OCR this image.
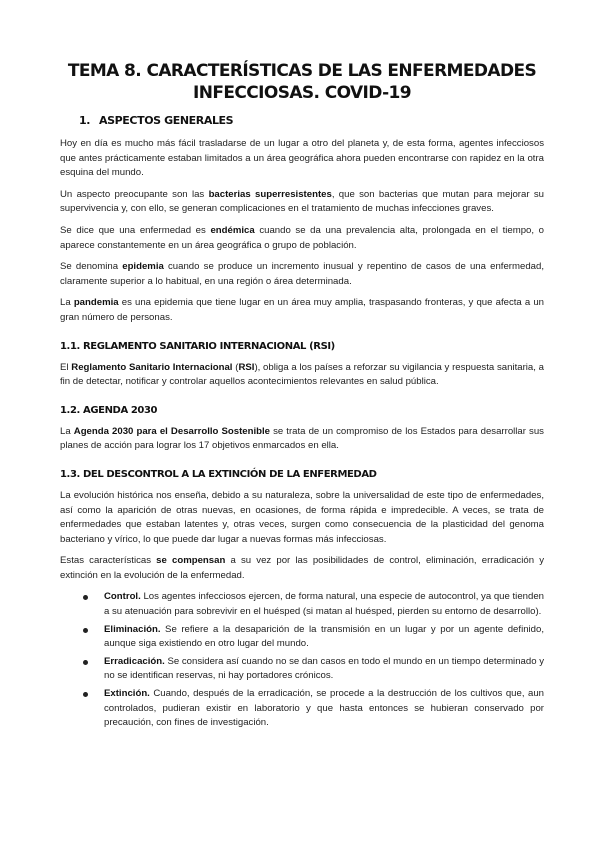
TEMA 8. CARACTERÍSTICAS DE LAS ENFERMEDADES INFECCIOSAS. COVID-19
1. ASPECTOS GENERALES

Hoy en día es mucho más fácil trasladarse de un lugar a otro del planeta y, de esta forma, agentes infecciosos que antes prácticamente estaban limitados a un área geográfica ahora pueden encontrarse con rapidez en la otra esquina del mundo.

Un aspecto preocupante son las bacterias superresistentes, que son bacterias que mutan para mejorar su supervivencia y, con ello, se generan complicaciones en el tratamiento de muchas infecciones graves.

Se dice que una enfermedad es endémica cuando se da una prevalencia alta, prolongada en el tiempo, o aparece constantemente en un área geográfica o grupo de población.

Se denomina epidemia cuando se produce un incremento inusual y repentino de casos de una enfermedad, claramente superior a lo habitual, en una región o área determinada.

La pandemia es una epidemia que tiene lugar en un área muy amplia, traspasando fronteras, y que afecta a un gran número de personas.

1.1. REGLAMENTO SANITARIO INTERNACIONAL (RSI)

El Reglamento Sanitario Internacional (RSI), obliga a los países a reforzar su vigilancia y respuesta sanitaria, a fin de detectar, notificar y controlar aquellos acontecimientos relevantes en salud pública.

1.2. AGENDA 2030

La Agenda 2030 para el Desarrollo Sostenible se trata de un compromiso de los Estados para desarrollar sus planes de acción para lograr los 17 objetivos enmarcados en ella.

1.3. DEL DESCONTROL A LA EXTINCIÓN DE LA ENFERMEDAD

La evolución histórica nos enseña, debido a su naturaleza, sobre la universalidad de este tipo de enfermedades, así como la aparición de otras nuevas, en ocasiones, de forma rápida e impredecible. A veces, se trata de enfermedades que estaban latentes y, otras veces, surgen como consecuencia de la plasticidad del genoma bacteriano y vírico, lo que puede dar lugar a nuevas formas más infecciosas.

Estas características se compensan a su vez por las posibilidades de control, eliminación, erradicación y extinción en la evolución de la enfermedad.

Control. Los agentes infecciosos ejercen, de forma natural, una especie de autocontrol, ya que tienden a su atenuación para sobrevivir en el huésped (si matan al huésped, pierden su entorno de desarrollo).
Eliminación. Se refiere a la desaparición de la transmisión en un lugar y por un agente definido, aunque siga existiendo en otro lugar del mundo.
Erradicación. Se considera así cuando no se dan casos en todo el mundo en un tiempo determinado y no se identifican reservas, ni hay portadores crónicos.
Extinción. Cuando, después de la erradicación, se procede a la destrucción de los cultivos que, aun controlados, pudieran existir en laboratorio y que hasta entonces se hubieran conservado por precaución, con fines de investigación.
